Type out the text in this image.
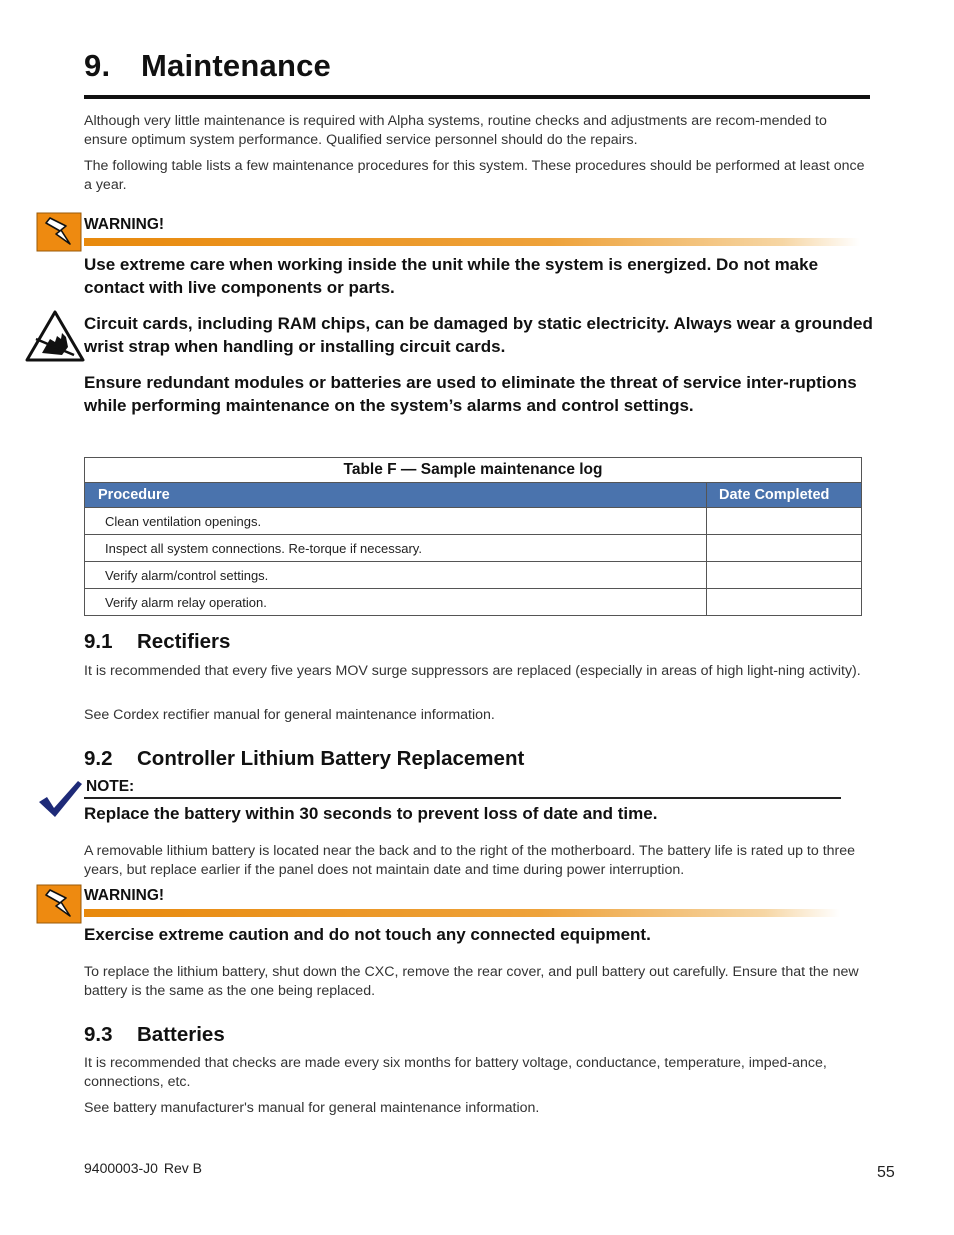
9. Maintenance

Although very little maintenance is required with Alpha systems, routine checks and adjustments are recom-mended to ensure optimum system performance. Qualified service personnel should do the repairs.

The following table lists a few maintenance procedures for this system. These procedures should be performed at least once a year.

WARNING!

Use extreme care when working inside the unit while the system is energized. Do not make contact with live components or parts.

Circuit cards, including RAM chips, can be damaged by static electricity. Always wear a grounded wrist strap when handling or installing circuit cards.

Ensure redundant modules or batteries are used to eliminate the threat of service inter-ruptions while performing maintenance on the system’s alarms and control settings.

Table F — Sample maintenance log	
Procedure	Date Completed
Clean ventilation openings.	
Inspect all system connections. Re-torque if necessary.	
Verify alarm/control settings.	
Verify alarm relay operation.	
9.1 Rectifiers

It is recommended that every five years MOV surge suppressors are replaced (especially in areas of high light-ning activity).

See Cordex rectifier manual for general maintenance information.

9.2 Controller Lithium Battery Replacement
NOTE:

Replace the battery within 30 seconds to prevent loss of date and time.

A removable lithium battery is located near the back and to the right of the motherboard. The battery life is rated up to three years, but replace earlier if the panel does not maintain date and time during power interruption.

WARNING!

Exercise extreme caution and do not touch any connected equipment.

To replace the lithium battery, shut down the CXC, remove the rear cover, and pull battery out carefully. Ensure that the new battery is the same as the one being replaced.

9.3 Batteries

It is recommended that checks are made every six months for battery voltage, conductance, temperature, imped-ance, connections, etc.

See battery manufacturer's manual for general maintenance information.

9400003-J0 Rev B	55
